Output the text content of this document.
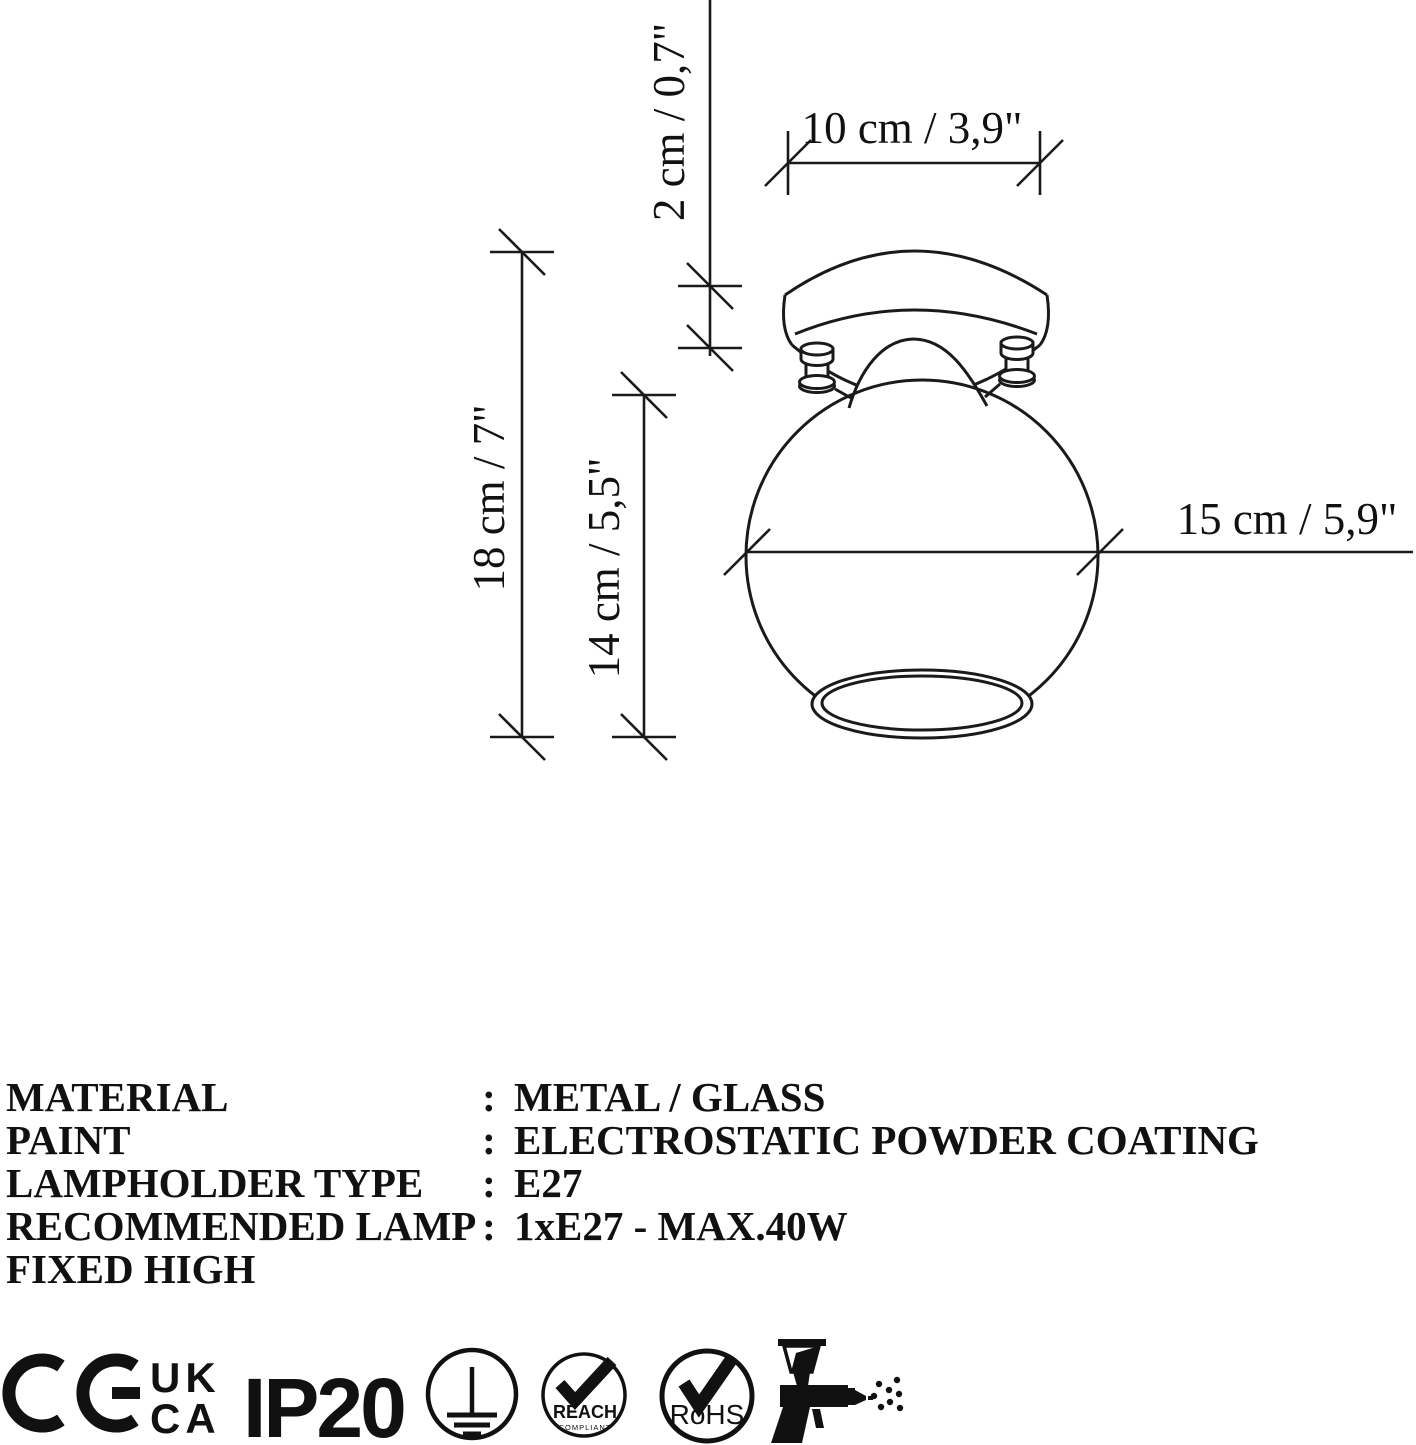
10 cm / 3,9"
2 cm / 0,7"
18 cm / 7" 14 cm / 5,5"	15 cm / 5,9"
MATERIAL	: METAL / GLASS
PAINT	: ELECTROSTATIC POWDER COATING
LAMPHOLDER TYPE : E27
RECOMMENDED LAMP : 1xE27 - MAX.40W
FIXED HIGH
UK
CA IP20	REACH
COMPLIANT RoHS
